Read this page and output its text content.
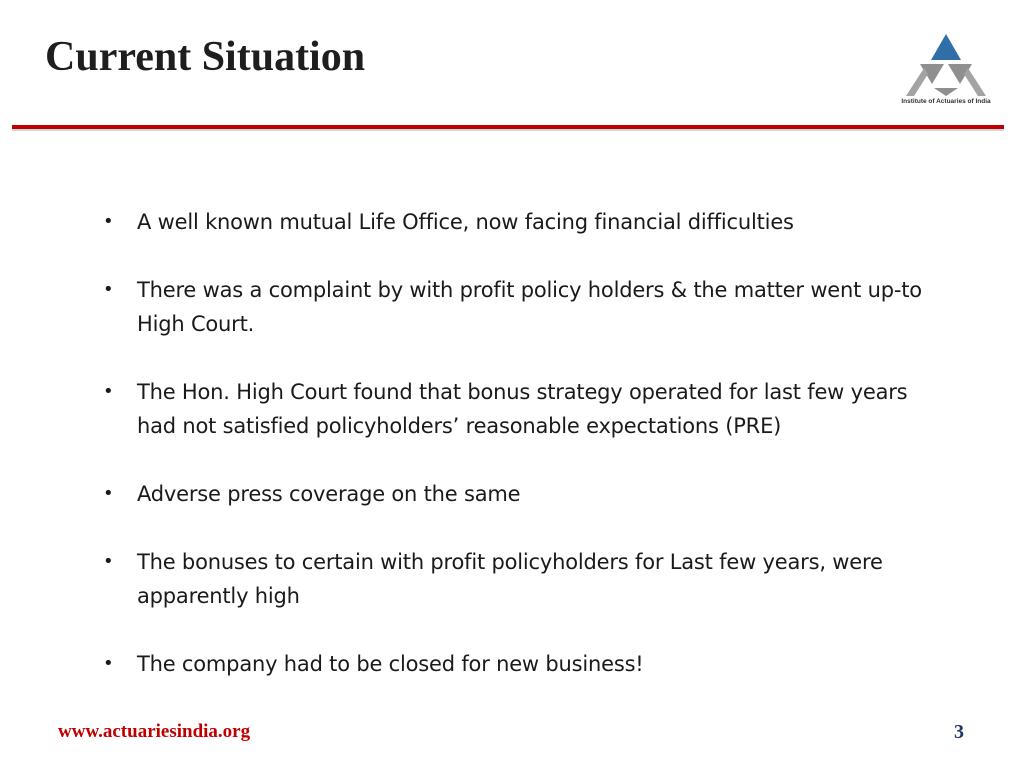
Current Situation
Institute of Actuaries of India
• A well known mutual Life Office, now facing financial difficulties
• There was a complaint by with profit policy holders & the matter went up-to High Court.
• The Hon. High Court found that bonus strategy operated for last few years had not satisfied policyholders’ reasonable expectations (PRE)
• Adverse press coverage on the same
• The bonuses to certain with profit policyholders for Last few years, were apparently high
• The company had to be closed for new business!
www.actuariesindia.org	3
